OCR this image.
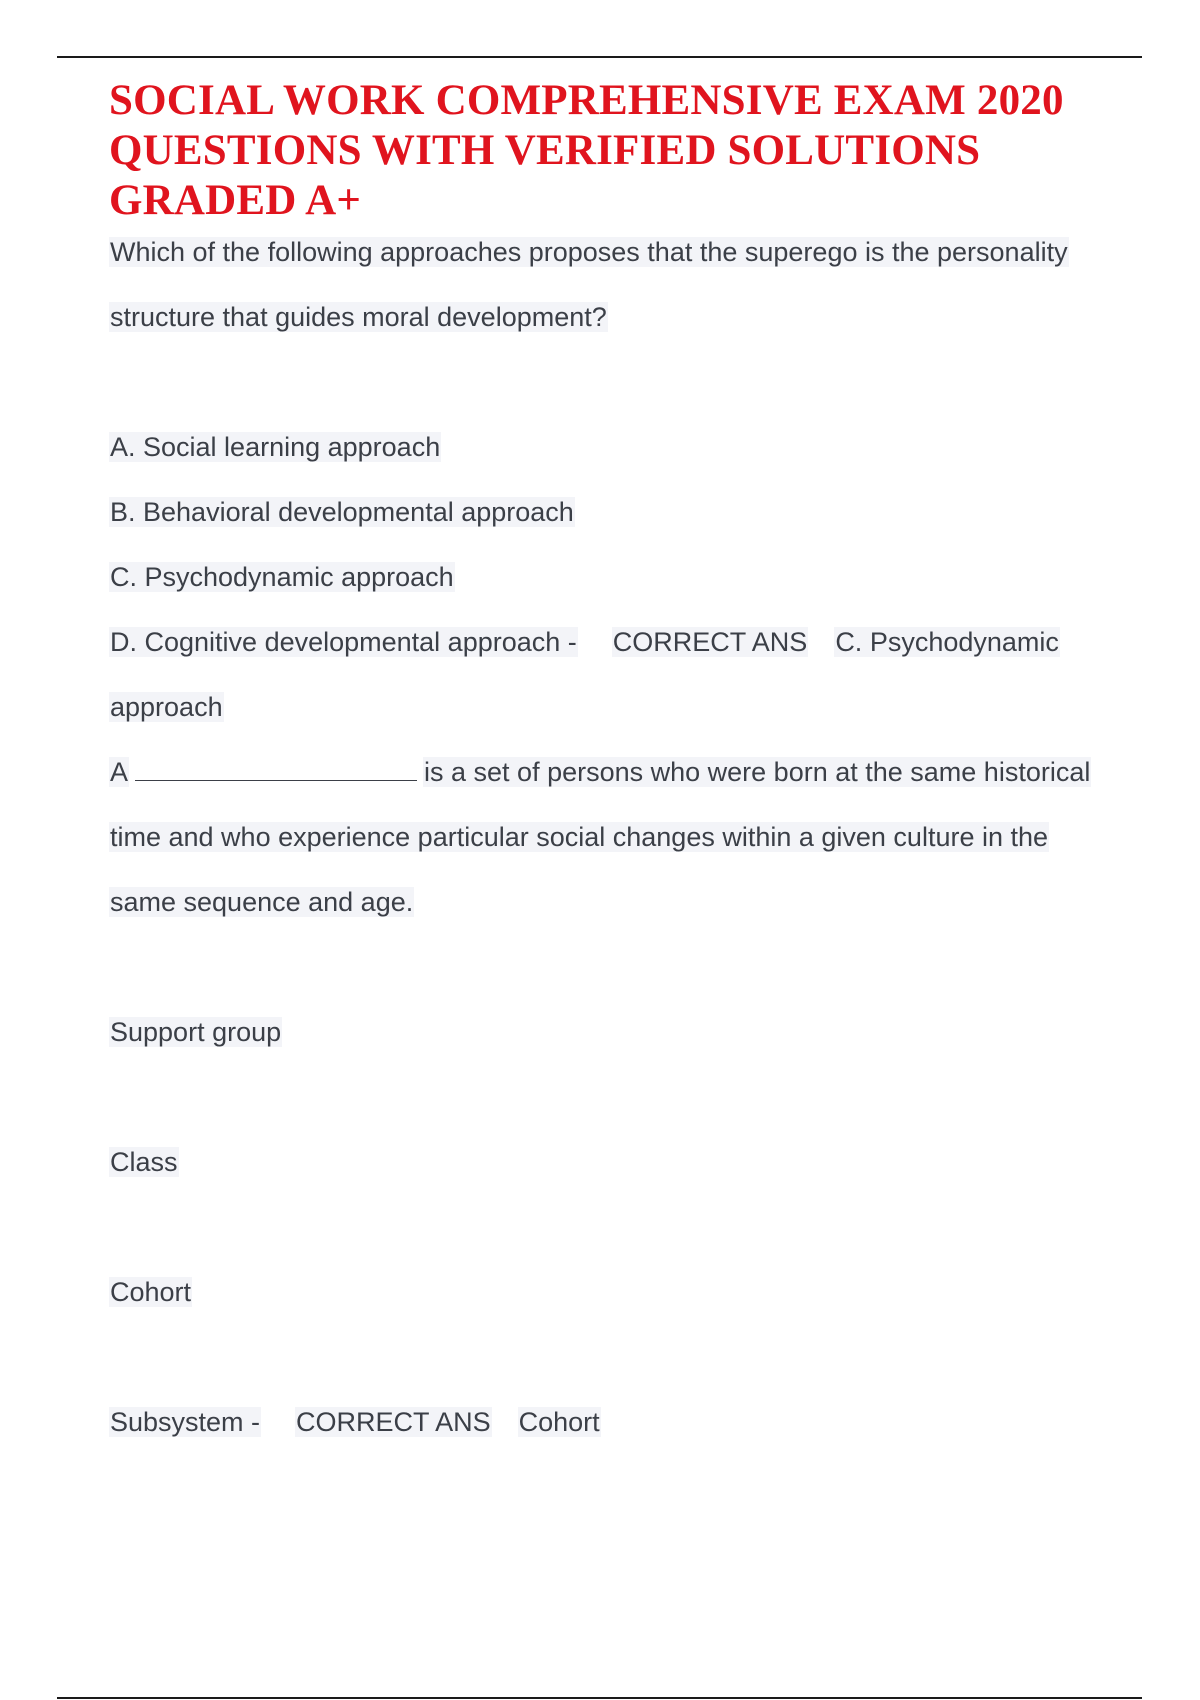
SOCIAL WORK COMPREHENSIVE EXAM 2020 QUESTIONS WITH VERIFIED SOLUTIONS GRADED A+
Which of the following approaches proposes that the superego is the personality
structure that guides moral development?
A. Social learning approach
B. Behavioral developmental approach
C. Psychodynamic approach
D. Cognitive developmental approach - CORRECT ANS C. Psychodynamic
approach
A	is a set of persons who were born at the same historical
time and who experience particular social changes within a given culture in the
same sequence and age.
Support group
Class
Cohort
Subsystem - CORRECT ANS Cohort
